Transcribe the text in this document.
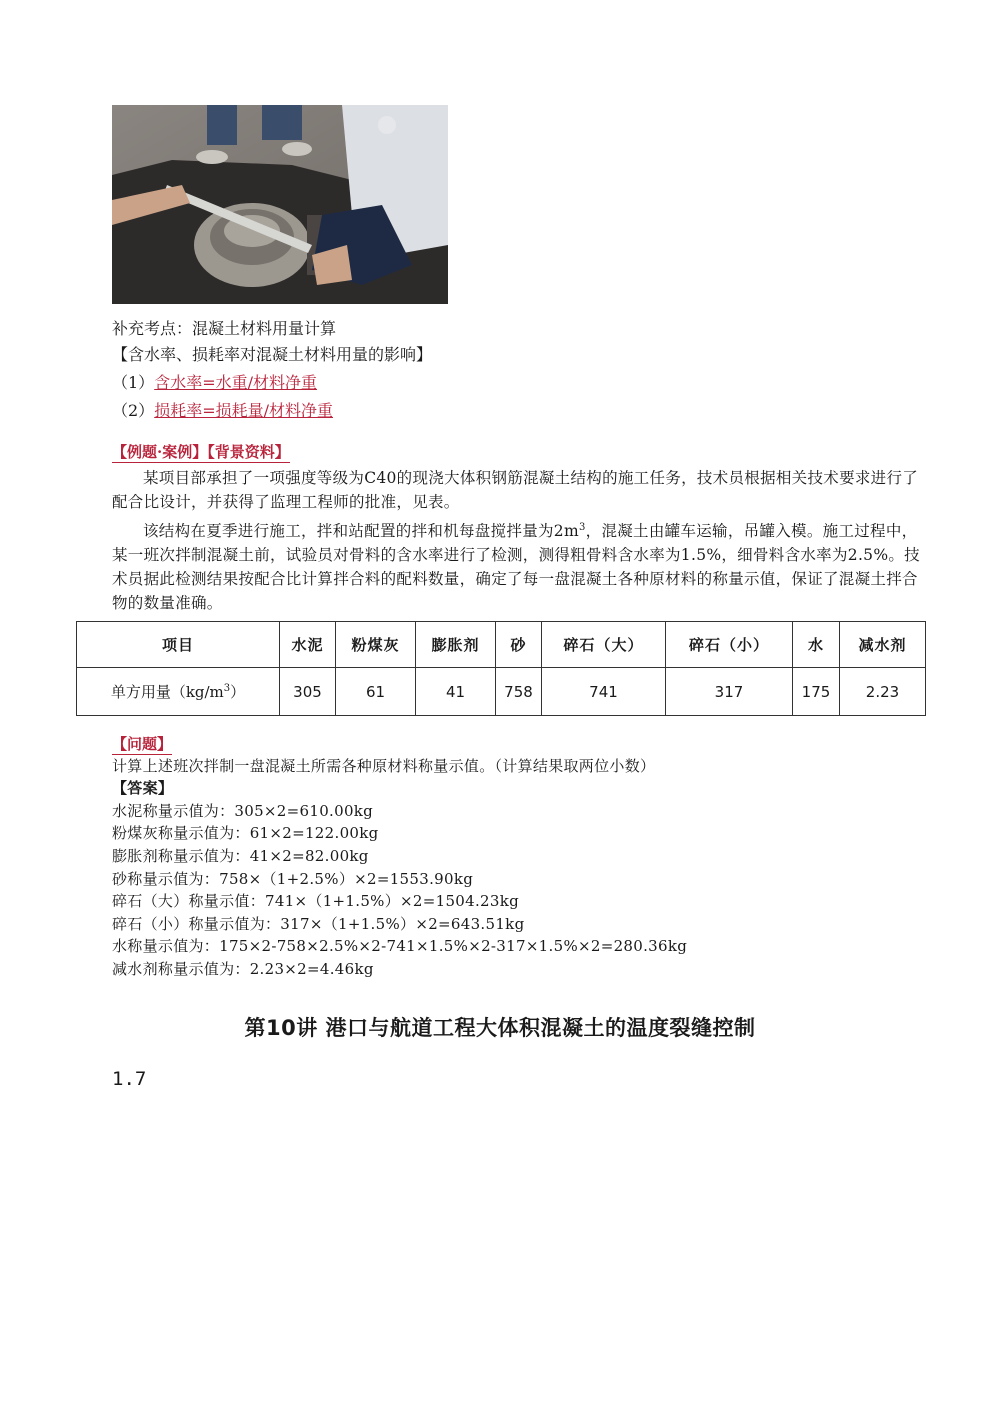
补充考点：混凝土材料用量计算
【含水率、损耗率对混凝土材料用量的影响】
（1）含水率=水重/材料净重
（2）损耗率=损耗量/材料净重
【例题·案例】【背景资料】
某项目部承担了一项强度等级为C40的现浇大体积钢筋混凝土结构的施工任务，技术员根据相关技术要求进行了配合比设计，并获得了监理工程师的批准，见表。
该结构在夏季进行施工，拌和站配置的拌和机每盘搅拌量为$2m^3$，混凝土由罐车运输，吊罐入模。施工过程中，某一班次拌制混凝土前，试验员对骨料的含水率进行了检测，测得粗骨料含水率为1.5%，细骨料含水率为2.5%。技术员据此检测结果按配合比计算拌合料的配料数量，确定了每一盘混凝土各种原材料的称量示值，保证了混凝土拌合物的数量准确。
项目	水泥	粉煤灰	膨胀剂	砂	碎石（大）	碎石（小）	水	减水剂
单方用量$(kg/m^3)$	305	61	41	758	741	317	175	2.23
【问题】
计算上述班次拌制一盘混凝土所需各种原材料称量示值。（计算结果取两位小数）
【答案】
水泥称量示值为：305×2=610.00kg
粉煤灰称量示值为：61×2=122.00kg
膨胀剂称量示值为：41×2=82.00kg
砂称量示值为：758×（1+2.5%）×2=1553.90kg
碎石（大）称量示值：741×（1+1.5%）×2=1504.23kg
碎石（小）称量示值为：317×（1+1.5%）×2=643.51kg
水称量示值为：175×2-758×2.5%×2-741×1.5%×2-317×1.5%×2=280.36kg
减水剂称量示值为：2.23×2=4.46kg
第10讲 港口与航道工程大体积混凝土的温度裂缝控制
1.7
